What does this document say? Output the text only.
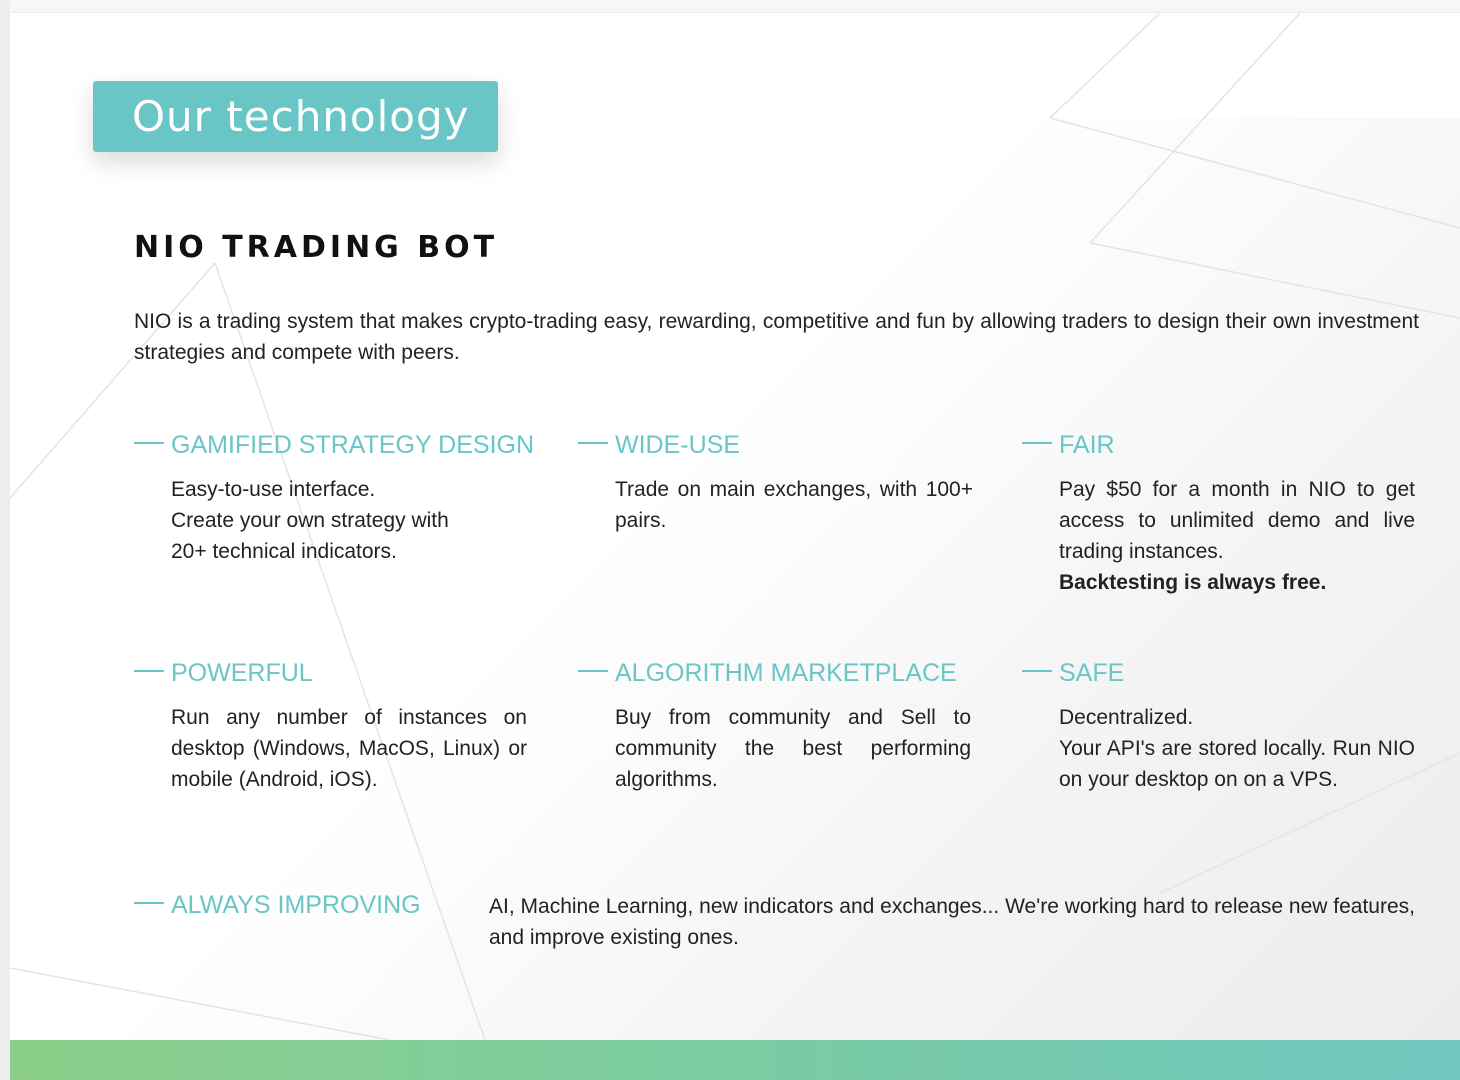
Our technology
NIO TRADING BOT

NIO is a trading system that makes crypto-trading easy, rewarding, competitive and fun by allowing traders to design their own investment strategies and compete with peers.

GAMIFIED STRATEGY DESIGN

Easy-to-use interface.

Create your own strategy with

20+ technical indicators.

WIDE-USE

Trade on main exchanges, with 100+ pairs.

FAIR

Pay $50 for a month in NIO to get access to unlimited demo and live trading instances.

Backtesting is always free.

POWERFUL

Run any number of instances on desktop (Windows, MacOS, Linux) or mobile (Android, iOS).

ALGORITHM MARKETPLACE

Buy from community and Sell to community the best performing algorithms.

SAFE

Decentralized.

Your API's are stored locally. Run NIO on your desktop on on a VPS.

ALWAYS IMPROVING	AI, Machine Learning, new indicators and exchanges... We're working hard to release new features, and improve existing ones.
